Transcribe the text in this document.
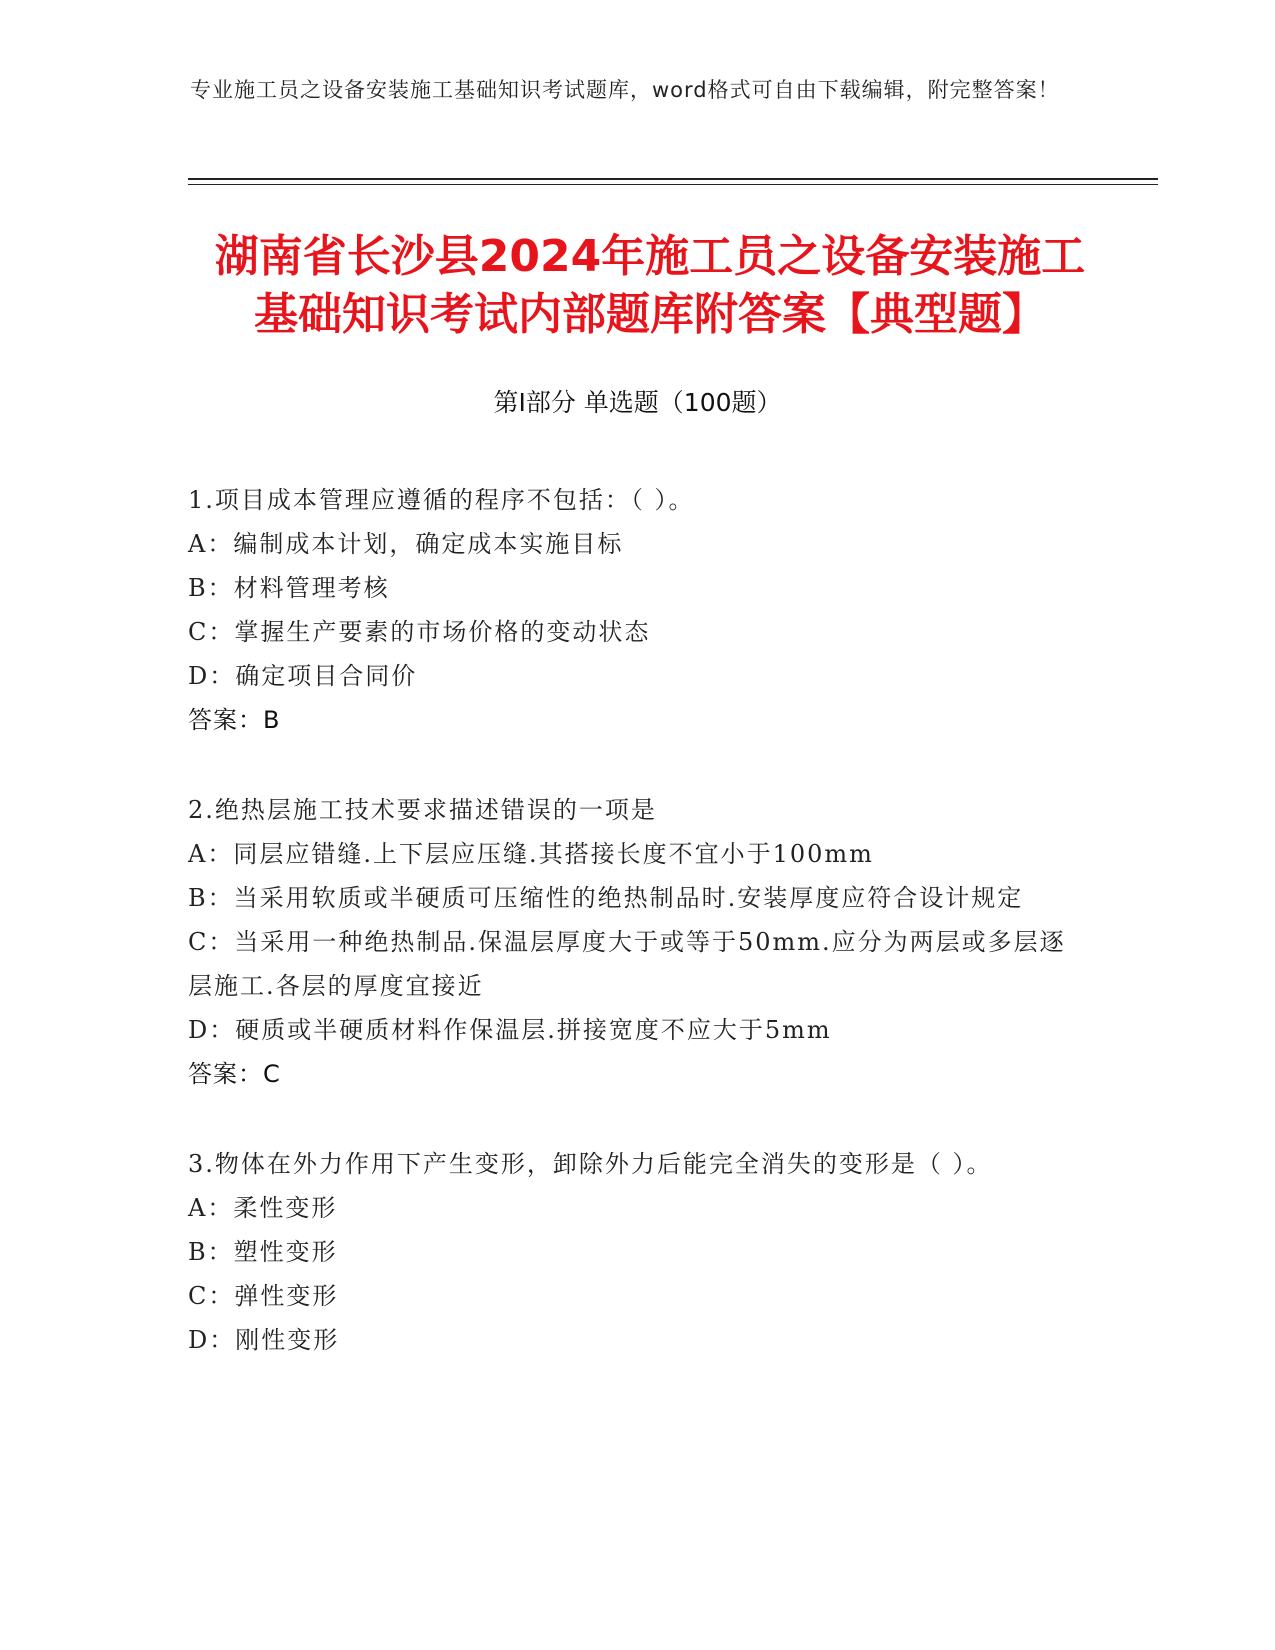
专业施工员之设备安装施工基础知识考试题库，word格式可自由下载编辑，附完整答案！
湖南省长沙县2024年施工员之设备安装施工
基础知识考试内部题库附答案【典型题】
第Ⅰ部分 单选题（100题）

1.项目成本管理应遵循的程序不包括：（ ）。

A：编制成本计划，确定成本实施目标

B：材料管理考核

C：掌握生产要素的市场价格的变动状态

D：确定项目合同价

答案：B

2.绝热层施工技术要求描述错误的一项是

A：同层应错缝.上下层应压缝.其搭接长度不宜小于100mm

B：当采用软质或半硬质可压缩性的绝热制品时.安装厚度应符合设计规定

C：当采用一种绝热制品.保温层厚度大于或等于50mm.应分为两层或多层逐层施工.各层的厚度宜接近

D：硬质或半硬质材料作保温层.拼接宽度不应大于5mm

答案：C

3.物体在外力作用下产生变形，卸除外力后能完全消失的变形是（ ）。

A：柔性变形

B：塑性变形

C：弹性变形

D：刚性变形
